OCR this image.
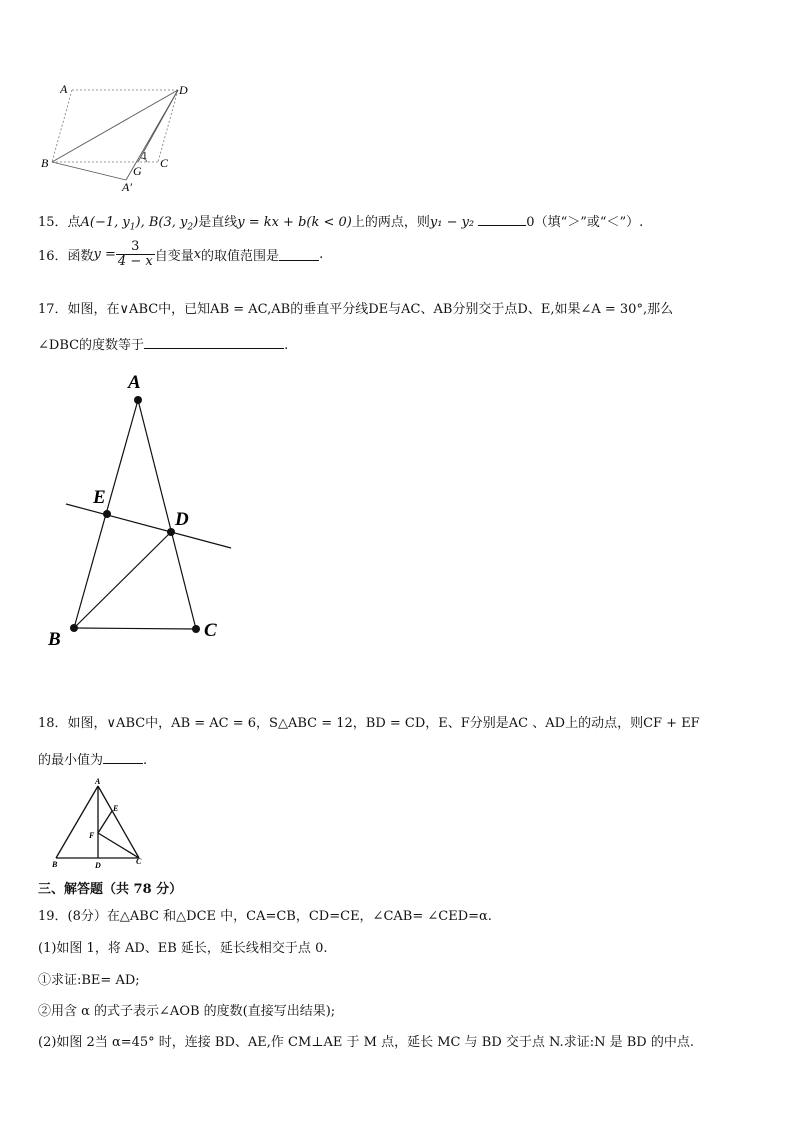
A	D
B	C
1
G
A′
15．点A(−1, $y_1$), B(3, $y_2$)是直线y = kx + b(k < 0)上的两点，则y₁ − y₂	0（填“＞”或“＜”）.
16．函数$y = \frac{3}{4 - x}$ 自变量x的取值范围是	.
17．如图，在∨ABC中，已知AB = AC,AB的垂直平分线DE与AC、AB分别交于点D、E,如果∠A = 30°,那么
∠DBC的度数等于	.
A
E
D
B	C
18．如图，∨ABC中，AB = AC = 6，S△ABC = 12，BD = CD，E、F分别是AC 、AD上的动点，则CF + EF
的最小值为	.
A
E
F
B	D	C
三、解答题（共 78 分）
19．(8分）在△ABC 和△DCE 中，CA=CB，CD=CE，∠CAB= ∠CED=α.
(1)如图 1，将 AD、EB 延长，延长线相交于点 0.
①求证:BE= AD;
②用含 α 的式子表示∠AOB 的度数(直接写出结果);
(2)如图 2当 α=45° 时，连接 BD、AE,作 CM⊥AE 于 M 点，延长 MC 与 BD 交于点 N.求证:N 是 BD 的中点.
